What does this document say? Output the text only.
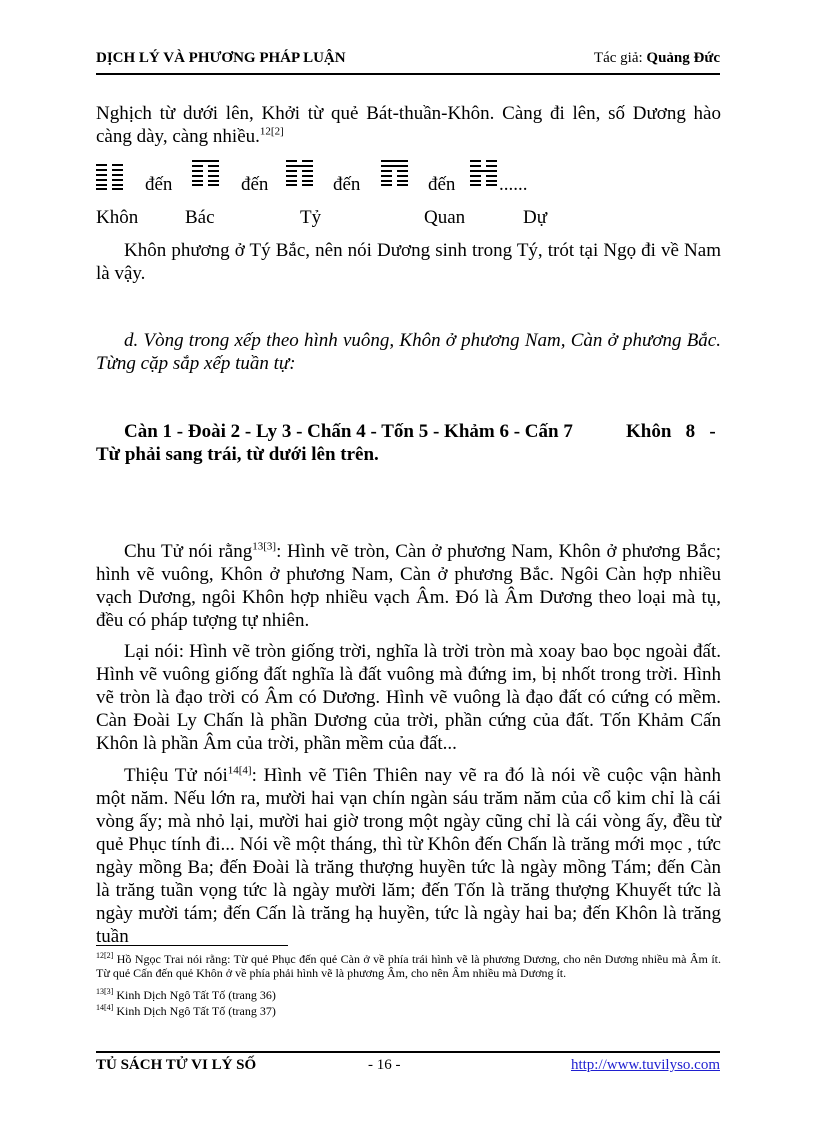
DỊCH LÝ VÀ PHƯƠNG PHÁP LUẬN	Tác giả: Quảng Đức
Nghịch từ dưới lên, Khởi từ quẻ Bát-thuần-Khôn. Càng đi lên, số Dương hào càng dày, càng nhiều.$^{12[2]}$
đến	đến	đến	đến ......
Khôn Bác	Tỷ	Quan	Dự
Khôn phương ở Tý Bắc, nên nói Dương sinh trong Tý, trót tại Ngọ đi về Nam là vậy.
d. Vòng trong xếp theo hình vuông, Khôn ở phương Nam, Càn ở phương Bắc. Từng cặp sắp xếp tuần tự:
Càn 1 - Đoài 2 - Ly 3 - Chấn 4 - Tốn 5 - Khảm 6 - Cấn 7	Khôn   8   -
Từ phải sang trái, từ dưới lên trên.
Chu Tử nói rằng$^{13[3]}$: Hình vẽ tròn, Càn ở phương Nam, Khôn ở phương Bắc; hình vẽ vuông, Khôn ở phương Nam, Càn ở phương Bắc. Ngôi Càn hợp nhiều vạch Dương, ngôi Khôn hợp nhiều vạch Âm. Đó là Âm Dương theo loại mà tụ, đều có pháp tượng tự nhiên.
Lại nói: Hình vẽ tròn giống trời, nghĩa là trời tròn mà xoay bao bọc ngoài đất. Hình vẽ vuông giống đất nghĩa là đất vuông mà đứng im, bị nhốt trong trời. Hình vẽ tròn là đạo trời có Âm có Dương. Hình vẽ vuông là đạo đất có cứng có mềm. Càn Đoài Ly Chấn là phần Dương của trời, phần cứng của đất. Tốn Khảm Cấn Khôn là phần Âm của trời, phần mềm của đất...
Thiệu Tử nói$^{14[4]}$: Hình vẽ Tiên Thiên nay vẽ ra đó là nói về cuộc vận hành một năm. Nếu lớn ra, mười hai vạn chín ngàn sáu trăm năm của cổ kim chỉ là cái vòng ấy; mà nhỏ lại, mười hai giờ trong một ngày cũng chỉ là cái vòng ấy, đều từ quẻ Phục tính đi... Nói về một tháng, thì từ Khôn đến Chấn là trăng mới mọc , tức ngày mồng Ba; đến Đoài là trăng thượng huyền tức là ngày mồng Tám; đến Càn là trăng tuần vọng tức là ngày mười lăm; đến Tốn là trăng thượng Khuyết tức là ngày mười tám; đến Cấn là trăng hạ huyền, tức là ngày hai ba; đến Khôn là trăng tuần
$^{12[2]}$ Hồ Ngọc Trai nói rằng: Từ quẻ Phục đến quẻ Càn ở về phía trái hình vẽ là phương Dương, cho nên Dương nhiều mà Âm ít. Từ quẻ Cấn đến quẻ Khôn ở về phía phải hình vẽ là phương Âm, cho nên Âm nhiều mà Dương ít.
$^{13[3]}$ Kinh Dịch Ngô Tất Tố (trang 36)
$^{14[4]}$ Kinh Dịch Ngô Tất Tố (trang 37)
TỦ SÁCH TỬ VI LÝ SỐ	- 16 -	http://www.tuvilyso.com
